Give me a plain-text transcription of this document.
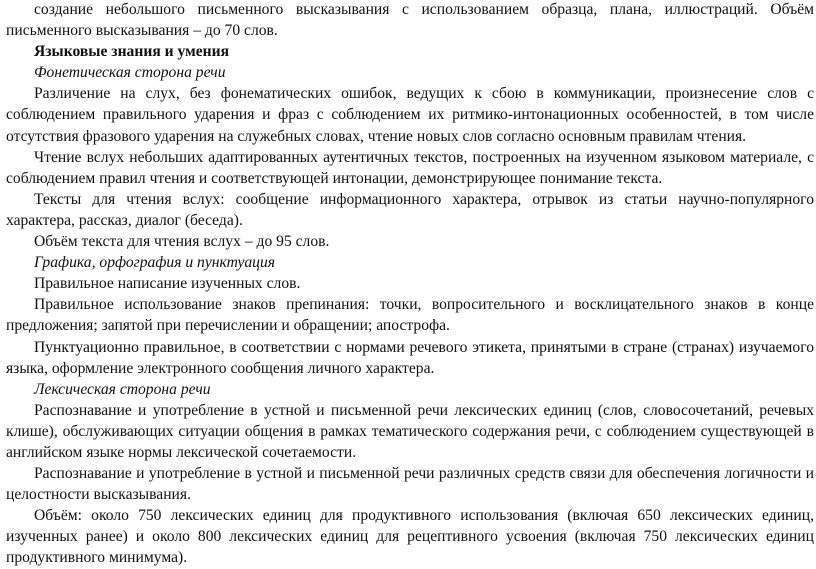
создание небольшого письменного высказывания с использованием образца, плана, иллюстраций. Объём письменного высказывания – до 70 слов.

Языковые знания и умения

Фонетическая сторона речи

Различение на слух, без фонематических ошибок, ведущих к сбою в коммуникации, произнесение слов с соблюдением правильного ударения и фраз с соблюдением их ритмико-интонационных особенностей, в том числе отсутствия фразового ударения на служебных словах, чтение новых слов согласно основным правилам чтения.

Чтение вслух небольших адаптированных аутентичных текстов, построенных на изученном языковом материале, с соблюдением правил чтения и соответствующей интонации, демонстрирующее понимание текста.

Тексты для чтения вслух: сообщение информационного характера, отрывок из статьи научно-популярного характера, рассказ, диалог (беседа).

Объём текста для чтения вслух – до 95 слов.

Графика, орфография и пунктуация

Правильное написание изученных слов.

Правильное использование знаков препинания: точки, вопросительного и восклицательного знаков в конце предложения; запятой при перечислении и обращении; апострофа.

Пунктуационно правильное, в соответствии с нормами речевого этикета, принятыми в стране (странах) изучаемого языка, оформление электронного сообщения личного характера.

Лексическая сторона речи

Распознавание и употребление в устной и письменной речи лексических единиц (слов, словосочетаний, речевых клише), обслуживающих ситуации общения в рамках тематического содержания речи, с соблюдением существующей в английском языке нормы лексической сочетаемости.

Распознавание и употребление в устной и письменной речи различных средств связи для обеспечения логичности и целостности высказывания.

Объём: около 750 лексических единиц для продуктивного использования (включая 650 лексических единиц, изученных ранее) и около 800 лексических единиц для рецептивного усвоения (включая 750 лексических единиц продуктивного минимума).
